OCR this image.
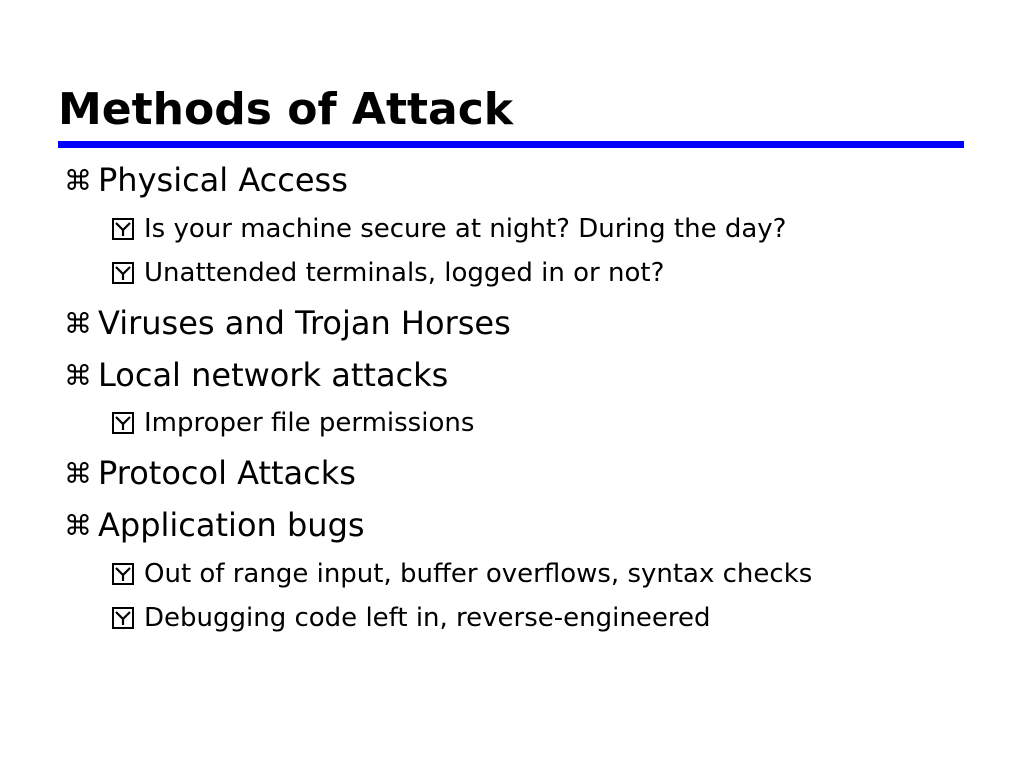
Methods of Attack
⌘ Physical Access
Is your machine secure at night? During the day?
Unattended terminals, logged in or not?
⌘ Viruses and Trojan Horses
⌘ Local network attacks
Improper file permissions
⌘ Protocol Attacks
⌘ Application bugs
Out of range input, buffer overflows, syntax checks
Debugging code left in, reverse-engineered
